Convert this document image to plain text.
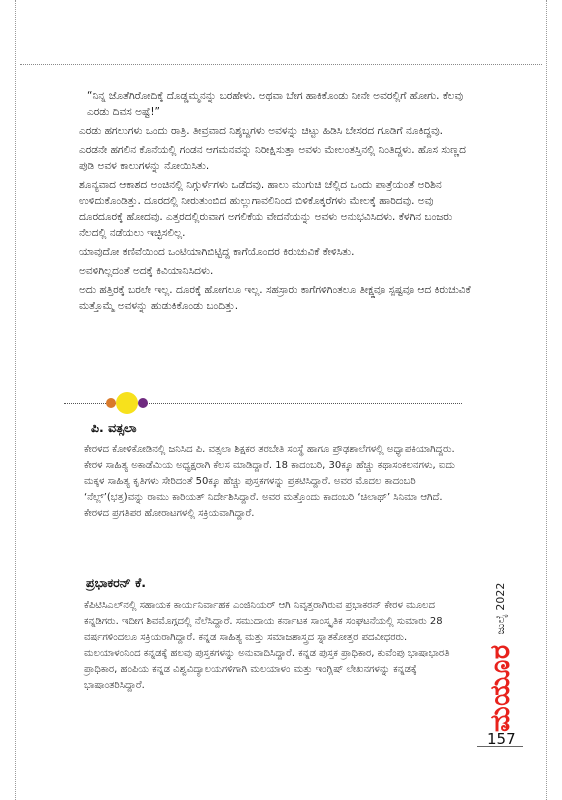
“ನಿನ್ನ ಜೊತೆಗಿರೋದಿಕ್ಕೆ ದೊಡ್ಡಮ್ಮನನ್ನು ಬರಹೇಳು. ಅಥವಾ ಬೇಗ ಹಾಕಿಕೊಂಡು ನೀನೇ ಅವರಲ್ಲಿಗೆ ಹೋಗು. ಕೆಲವು ಎರಡು ದಿವಸ ಅಷ್ಟೆ!”

ಎರಡು ಹಗಲುಗಳು ಒಂದು ರಾತ್ರಿ. ತೀವ್ರವಾದ ನಿಶ್ಶಬ್ದಗಳು ಅವಳನ್ನು ಚಿಟ್ಟು ಹಿಡಿಸಿ ಬೇಸರದ ಗೂಡಿಗೆ ನೂಕಿದ್ದವು.

ಎರಡನೇ ಹಗಲಿನ ಕೊನೆಯಲ್ಲಿ ಗಂಡನ ಆಗಮನವನ್ನು ನಿರೀಕ್ಷಿಸುತ್ತಾ ಅವಳು ಮೇಲಂತಸ್ತಿನಲ್ಲಿ ನಿಂತಿದ್ದಳು. ಹೊಸ ಸುಣ್ಣದ ಪುಡಿ ಅವಳ ಕಾಲುಗಳನ್ನು ನೋಯಿಸಿತು.

ಶೂನ್ಯವಾದ ಆಕಾಶದ ಅಂಚಿನಲ್ಲಿ ನಿಗ್ಗುರ್ಳೆಗಳು ಒಡೆದವು. ಹಾಲು ಮುಗುಚಿ ಚೆಲ್ಲಿದ ಒಂದು ಪಾತ್ರೆಯಂತೆ ಅರಿಶಿನ ಉಳಿದುಕೊಂಡಿತ್ತು. ದೂರದಲ್ಲಿ ನೀರುತುಂಬಿದ ಹುಲ್ಲುಗಾವಲಿನಿಂದ ಬಿಳಿಕೊಕ್ಕರೆಗಳು ಮೇಲಕ್ಕೆ ಹಾರಿದವು. ಅವು ದೂರದೂರಕ್ಕೆ ಹೋದವು. ಎತ್ತರದಲ್ಲಿರುವಾಗ ಅಗಲಿಕೆಯ ವೇದನೆಯನ್ನು ಅವಳು ಅನುಭವಿಸಿದಳು. ಕೆಳಗಿನ ಬಂಜರು ನೆಲದಲ್ಲಿ ನಡೆಯಲು ಇಚ್ಛಿಸಲಿಲ್ಲ.

ಯಾವುದೋ ಕಣಿವೆಯಿಂದ ಒಂಟಿಯಾಗಿಬಿಟ್ಟಿದ್ದ ಕಾಗೆಯೊಂದರ ಕಿರುಚುವಿಕೆ ಕೇಳಿಸಿತು.

ಅವಳಿಗಿಲ್ಲದಂತೆ ಅದಕ್ಕೆ ಕಿವಿಯಾನಿಸಿದಳು.

ಅದು ಹತ್ತಿರಕ್ಕೆ ಬರಲೇ ಇಲ್ಲ. ದೂರಕ್ಕೆ ಹೋಗಲೂ ಇಲ್ಲ. ಸಹಸ್ರಾರು ಕಾಗೆಗಳಿಗಿಂತಲೂ ತೀಕ್ಷ್ಣವೂ ಸ್ಪಷ್ಟವೂ ಆದ ಕಿರುಚುವಿಕೆ ಮತ್ತೊಮ್ಮೆ ಅವಳನ್ನು ಹುಡುಕಿಕೊಂಡು ಬಂದಿತ್ತು.

ಪಿ. ವತ್ಸಲಾ

ಕೇರಳದ ಕೋಳಿಕೋಡಿನಲ್ಲಿ ಜನಿಸಿದ ಪಿ. ವತ್ಸಲಾ ಶಿಕ್ಷಕರ ತರಬೇತಿ ಸಂಸ್ಥೆ ಹಾಗೂ ಪ್ರೌಢಶಾಲೆಗಳಲ್ಲಿ ಅಧ್ಯಾಪಕಿಯಾಗಿದ್ದರು. ಕೇರಳ ಸಾಹಿತ್ಯ ಅಕಾಡೆಮಿಯ ಅಧ್ಯಕ್ಷರಾಗಿ ಕೆಲಸ ಮಾಡಿದ್ದಾರೆ. 18 ಕಾದಂಬರಿ, 30ಕ್ಕೂ ಹೆಚ್ಚು ಕಥಾಸಂಕಲನಗಳು, ಐದು ಮಕ್ಕಳ ಸಾಹಿತ್ಯ ಕೃತಿಗಳು ಸೇರಿದಂತೆ 50ಕ್ಕೂ ಹೆಚ್ಚು ಪುಸ್ತಕಗಳನ್ನು ಪ್ರಕಟಿಸಿದ್ದಾರೆ. ಅವರ ಮೊದಲ ಕಾದಂಬರಿ ‘ನೆಲ್ಲ್’(ಭತ್ತ)ವನ್ನು ರಾಮು ಕಾರಿಯತ್ ನಿರ್ದೇಶಿಸಿದ್ದಾರೆ. ಅವರ ಮತ್ತೊಂದು ಕಾದಂಬರಿ ‘ಚಿಲಾಥ್’ ಸಿನಿಮಾ ಆಗಿದೆ. ಕೇರಳದ ಪ್ರಗತಿಪರ ಹೋರಾಟಗಳಲ್ಲಿ ಸಕ್ರಿಯವಾಗಿದ್ದಾರೆ.

ಪ್ರಭಾಕರನ್ ಕೆ.

ಕೆಪಿಟಿಸಿಎಲ್‌ನಲ್ಲಿ ಸಹಾಯಕ ಕಾರ್ಯನಿರ್ವಾಹಕ ಎಂಜಿನಿಯರ್ ಆಗಿ ನಿವೃತ್ತರಾಗಿರುವ ಪ್ರಭಾಕರನ್ ಕೇರಳ ಮೂಲದ ಕನ್ನಡಿಗರು. ಇದೀಗ ಶಿವಮೊಗ್ಗದಲ್ಲಿ ನೆಲೆಸಿದ್ದಾರೆ. ಸಮುದಾಯ ಕರ್ನಾಟಕ ಸಾಂಸ್ಕೃತಿಕ ಸಂಘಟನೆಯಲ್ಲಿ ಸುಮಾರು 28 ವರ್ಷಗಳಿಂದಲೂ ಸಕ್ರಿಯರಾಗಿದ್ದಾರೆ. ಕನ್ನಡ ಸಾಹಿತ್ಯ ಮತ್ತು ಸಮಾಜಶಾಸ್ತ್ರದ ಸ್ನಾತಕೋತ್ತರ ಪದವೀಧರರು. ಮಲಯಾಳಂನಿಂದ ಕನ್ನಡಕ್ಕೆ ಹಲವು ಪುಸ್ತಕಗಳನ್ನು ಅನುವಾದಿಸಿದ್ದಾರೆ. ಕನ್ನಡ ಪುಸ್ತಕ ಪ್ರಾಧಿಕಾರ, ಕುವೆಂಪು ಭಾಷಾಭಾರತಿ ಪ್ರಾಧಿಕಾರ, ಹಂಪಿಯ ಕನ್ನಡ ವಿಶ್ವವಿದ್ಯಾಲಯಗಳಿಗಾಗಿ ಮಲಯಾಳಂ ಮತ್ತು ಇಂಗ್ಲಿಷ್ ಲೇಖನಗಳನ್ನು ಕನ್ನಡಕ್ಕೆ ಭಾಷಾಂತರಿಸಿದ್ದಾರೆ.	ಮಯೂರ
ಜುಲೈ 2022
157
